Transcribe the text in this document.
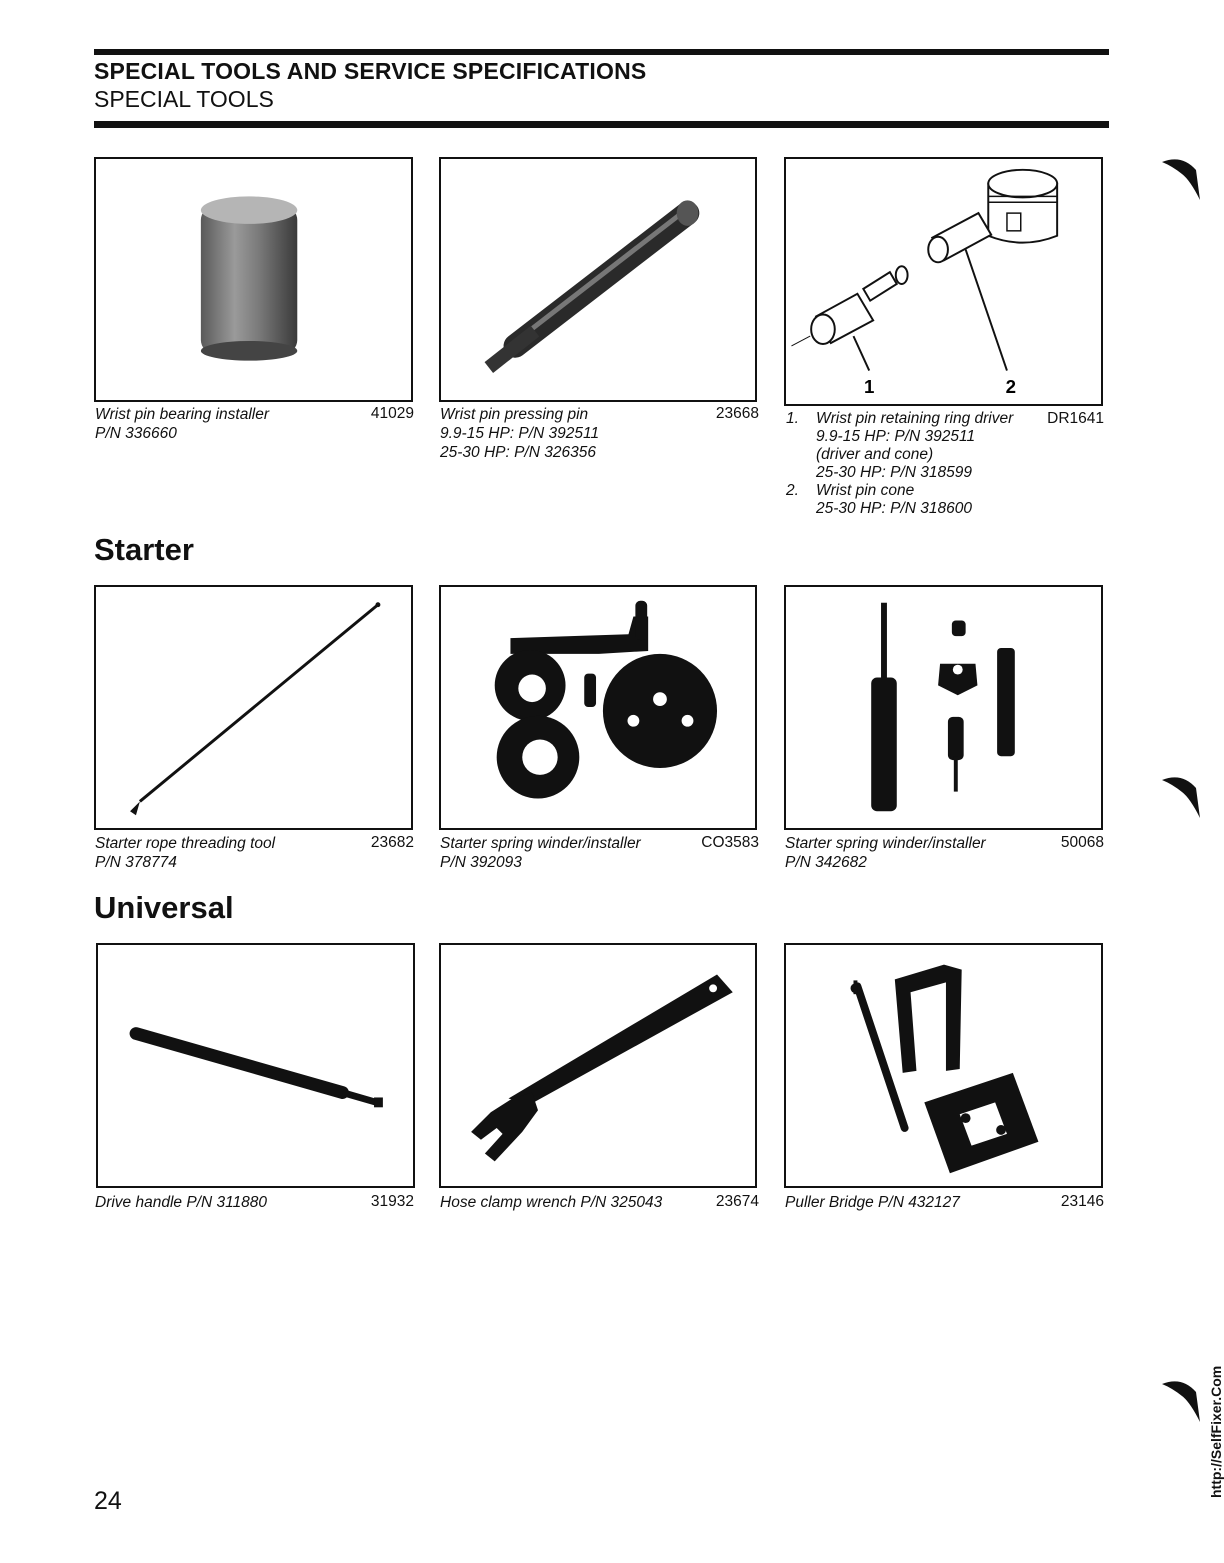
SPECIAL TOOLS AND SERVICE SPECIFICATIONS
SPECIAL TOOLS
Wrist pin bearing installer
P/N 336660
41029 Wrist pin pressing pin
9.9-15 HP: P/N 392511
25-30 HP: P/N 326356
23668
1	2
1. Wrist pin retaining ring driver
9.9-15 HP: P/N 392511
(driver and cone)
25-30 HP: P/N 318599
2. Wrist pin cone
25-30 HP: P/N 318600
DR1641
Starter
Starter rope threading tool
P/N 378774
23682 Starter spring winder/installer
P/N 392093
CO3583 Starter spring winder/installer
P/N 342682
50068
Universal
Drive handle P/N 311880	31932 Hose clamp wrench P/N 325043	23674 Puller Bridge P/N 432127	23146
24
http://SelfFixer.Com
